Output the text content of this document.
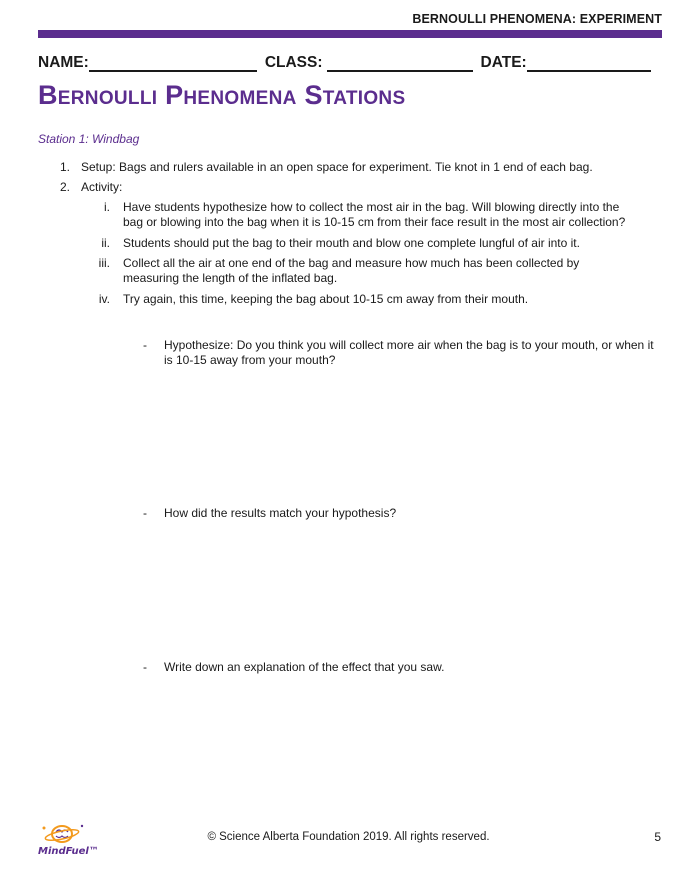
BERNOULLI PHENOMENA: EXPERIMENT
NAME:	CLASS:	DATE:
Bernoulli Phenomena Stations
Station 1: Windbag
1. Setup: Bags and rulers available in an open space for experiment. Tie knot in 1 end of each bag.
2. Activity:
i. Have students hypothesize how to collect the most air in the bag. Will blowing directly into the
bag or blowing into the bag when it is 10-15 cm from their face result in the most air collection?
ii. Students should put the bag to their mouth and blow one complete lungful of air into it.
iii. Collect all the air at one end of the bag and measure how much has been collected by
measuring the length of the inflated bag.
iv. Try again, this time, keeping the bag about 10-15 cm away from their mouth.
- Hypothesize: Do you think you will collect more air when the bag is to your mouth, or when it
is 10-15 away from your mouth?
- How did the results match your hypothesis?
- Write down an explanation of the effect that you saw.
MindFuel™
© Science Alberta Foundation 2019. All rights reserved.	5
